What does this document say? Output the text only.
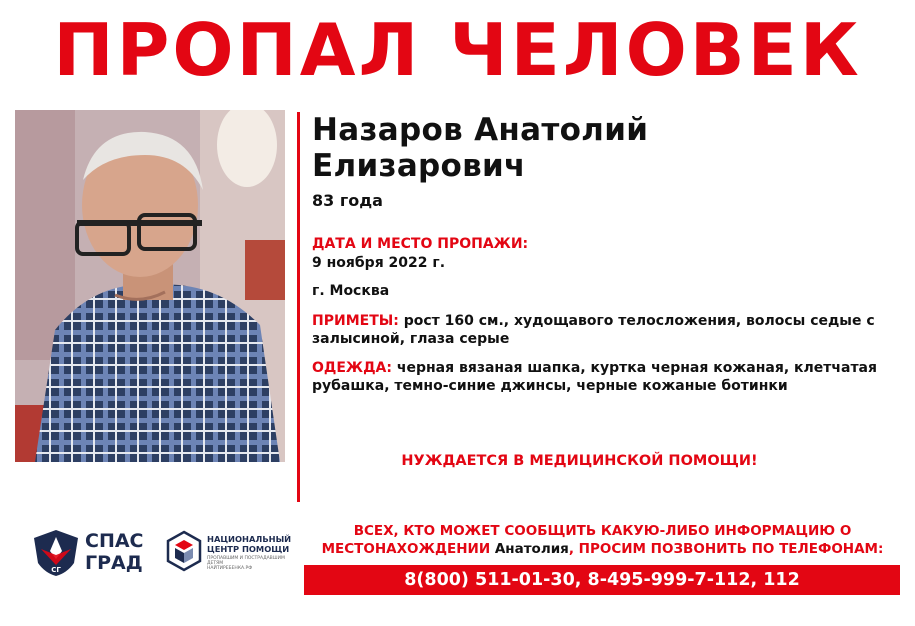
ПРОПАЛ ЧЕЛОВЕК
Назаров Анатолий
Елизарович
83 года
ДАТА И МЕСТО ПРОПАЖИ:
9 ноября 2022 г.
г. Москва
ПРИМЕТЫ: рост 160 см., худощавого телосложения, волосы седые с залысиной, глаза серые
ОДЕЖДА: черная вязаная шапка, куртка черная кожаная, клетчатая рубашка, темно-синие джинсы, черные кожаные ботинки
НУЖДАЕТСЯ В МЕДИЦИНСКОЙ ПОМОЩИ!
СГ
СПАС
ГРАД
НАЦИОНАЛЬНЫЙ
ЦЕНТР ПОМОЩИ
ПРОПАВШИМ И ПОСТРАДАВШИМ ДЕТЯМ
НАЙТИРЕБЕНКА.РФ
ВСЕХ, КТО МОЖЕТ СООБЩИТЬ КАКУЮ-ЛИБО ИНФОРМАЦИЮ О
МЕСТОНАХОЖДЕНИИ Анатолия, ПРОСИМ ПОЗВОНИТЬ ПО ТЕЛЕФОНАМ:
8(800) 511-01-30, 8-495-999-7-112, 112
